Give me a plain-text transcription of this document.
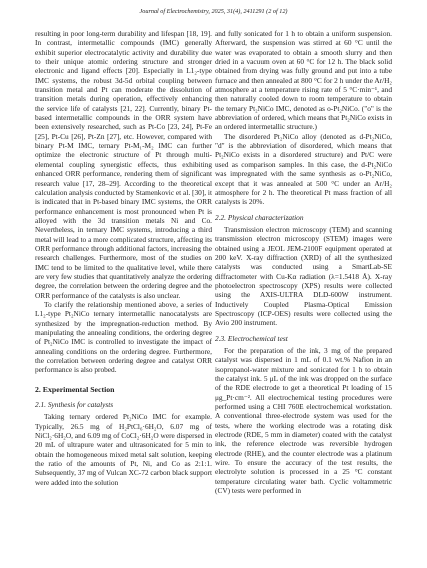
Journal of Electrochemistry, 2025, 31(4), 2411291 (2 of 12)

resulting in poor long-term durability and lifespan [18, 19]. In contrast, intermetallic compounds (IMC) generally exhibit superior electrocatalytic activity and durability due to their unique atomic ordering structure and stronger electronic and ligand effects [20]. Especially in L1₂-type IMC systems, the robust 3d-5d orbital coupling between transition metal and Pt can moderate the dissolution of transition metals during operation, effectively enhancing the service life of catalysts [21, 22]. Currently, binary Pt-based intermetallic compounds in the ORR system have been extensively researched, such as Pt-Co [23, 24], Pt-Fe [25], Pt-Cu [26], Pt-Zn [27], etc. However, compared with binary Pt-M IMC, ternary Pt-M₁-M₂ IMC can further optimize the electronic structure of Pt through multi-elemental coupling synergistic effects, thus exhibiting enhanced ORR performance, rendering them of significant research value [17, 28–29]. According to the theoretical calculation analysis conducted by Stamenkovic et al. [30], it is indicated that in Pt-based binary IMC systems, the ORR performance enhancement is most pronounced when Pt is alloyed with the 3d transition metals Ni and Co. Nevertheless, in ternary IMC systems, introducing a third metal will lead to a more complicated structure, affecting its ORR performance through additional factors, increasing the research challenges. Furthermore, most of the studies on IMC tend to be limited to the qualitative level, while there are very few studies that quantitatively analyze the ordering degree, the correlation between the ordering degree and the ORR performance of the catalysts is also unclear.

To clarify the relationship mentioned above, a series of L1₂-type Pt₂NiCo ternary intermetallic nanocatalysts are synthesized by the impregnation-reduction method. By manipulating the annealing conditions, the ordering degree of Pt₂NiCo IMC is controlled to investigate the impact of annealing conditions on the ordering degree. Furthermore, the correlation between ordering degree and catalyst ORR performance is also probed.

2. Experimental Section
2.1. Synthesis for catalysts

Taking ternary ordered Pt₂NiCo IMC for example. Typically, 26.5 mg of H₂PtCl₆·6H₂O, 6.07 mg of NiCl₂·6H₂O, and 6.09 mg of CoCl₂·6H₂O were dispersed in 20 mL of ultrapure water and ultrasonicated for 5 min to obtain the homogeneous mixed metal salt solution, keeping the ratio of the amounts of Pt, Ni, and Co as 2:1:1. Subsequently, 37 mg of Vulcan XC-72 carbon black support were added into the solution

and fully sonicated for 1 h to obtain a uniform suspension. Afterward, the suspension was stirred at 60 °C until the water was evaporated to obtain a smooth slurry and then dried in a vacuum oven at 60 °C for 12 h. The black solid obtained from drying was fully ground and put into a tube furnace and then annealed at 800 °C for 2 h under the Ar/H₂ atmosphere at a temperature rising rate of 5 °C·min⁻¹, and then naturally cooled down to room temperature to obtain the ternary Pt₂NiCo IMC, denoted as o-Pt₂NiCo. ("o" is the abbreviation of ordered, which means that Pt₂NiCo exists in an ordered intermetallic structure.)

The disordered Pt₂NiCo alloy (denoted as d-Pt₂NiCo, "d" is the abbreviation of disordered, which means that Pt₂NiCo exists in a disordered structure) and Pt/C were used as comparison samples. In this case, the d-Pt₂NiCo was impregnated with the same synthesis as o-Pt₂NiCo, except that it was annealed at 500 °C under an Ar/H₂ atmosphere for 2 h. The theoretical Pt mass fraction of all catalysts is 20%.

2.2. Physical characterization

Transmission electron microscopy (TEM) and scanning transmission electron microscopy (STEM) images were obtained using a JEOL JEM-2100F equipment operated at 200 keV. X-ray diffraction (XRD) of all the synthesized catalysts was conducted using a SmartLab-SE diffractometer with Cu-Kα radiation (λ=1.5418 Å). X-ray photoelectron spectroscopy (XPS) results were collected using the AXIS-ULTRA DLD-600W instrument. Inductively Coupled Plasma-Optical Emission Spectroscopy (ICP-OES) results were collected using the Avio 200 instrument.

2.3. Electrochemical test

For the preparation of the ink, 3 mg of the prepared catalyst was dispersed in 1 mL of 0.1 wt.% Nafion in an isopropanol-water mixture and sonicated for 1 h to obtain the catalyst ink. 5 μL of the ink was dropped on the surface of the RDE electrode to get a theoretical Pt loading of 15 μg_Pt·cm⁻². All electrochemical testing procedures were performed using a CHI 760E electrochemical workstation. A conventional three-electrode system was used for the tests, where the working electrode was a rotating disk electrode (RDE, 5 mm in diameter) coated with the catalyst ink, the reference electrode was reversible hydrogen electrode (RHE), and the counter electrode was a platinum wire. To ensure the accuracy of the test results, the electrolyte solution is processed in a 25 °C constant temperature circulating water bath. Cyclic voltammetric (CV) tests were performed in
